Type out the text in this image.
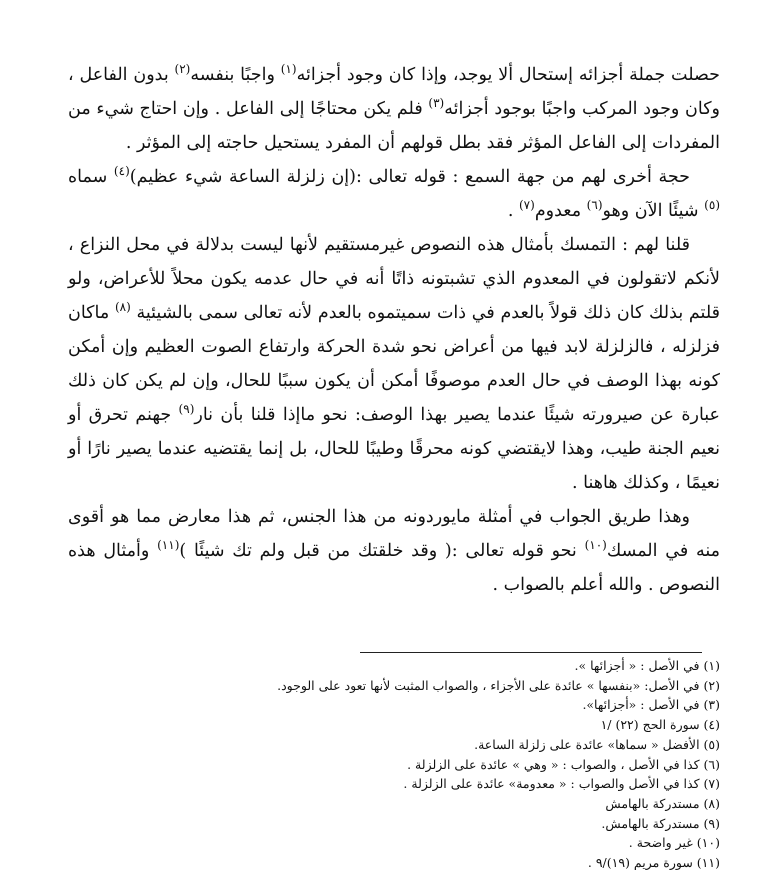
حصلت جملة أجزائه إستحال ألا يوجد، وإذا كان وجود أجزائه$^{(١)}$ واجبًا بنفسه$^{(٢)}$ بدون الفاعل ، وكان وجود المركب واجبًا بوجود أجزائه$^{(٣)}$ فلم يكن محتاجًا إلى الفاعل . وإن احتاج شيء من المفردات إلى الفاعل المؤثر فقد بطل قولهم أن المفرد يستحيل حاجته إلى المؤثر .

حجة أخرى لهم من جهة السمع : قوله تعالى :(إن زلزلة الساعة شيء عظيم)$^{(٤)}$ سماه $^{(٥)}$ شيئًا الآن وهو$^{(٦)}$ معدوم$^{(٧)}$ .

قلنا لهم : التمسك بأمثال هذه النصوص غيرمستقيم لأنها ليست بدلالة في محل النزاع ، لأنكم لاتقولون في المعدوم الذي تشبتونه ذاتًا أنه في حال عدمه يكون محلاً للأعراض، ولو قلتم بذلك كان ذلك قولاً بالعدم في ذات سميتموه بالعدم لأنه تعالى سمى بالشيئية $^{(٨)}$ ماكان فزلزله ، فالزلزلة لابد فيها من أعراض نحو شدة الحركة وارتفاع الصوت العظيم وإن أمكن كونه بهذا الوصف في حال العدم موصوفًا أمكن أن يكون سببًا للحال، وإن لم يكن كان ذلك عبارة عن صيرورته شيئًا عندما يصير بهذا الوصف: نحو ماإذا قلنا بأن نار$^{(٩)}$ جهنم تحرق أو نعيم الجنة طيب، وهذا لايقتضي كونه محرقًا وطيبًا للحال، بل إنما يقتضيه عندما يصير نارًا أو نعيمًا ، وكذلك هاهنا .

وهذا طريق الجواب في أمثلة مايوردونه من هذا الجنس، ثم هذا معارض مما هو أقوى منه في المسك$^{(١٠)}$ نحو قوله تعالى :( وقد خلقتك من قبل ولم تك شيئًا )$^{(١١)}$ وأمثال هذه النصوص . والله أعلم بالصواب .

(١) في الأصل : « أجزائها ».
(٢) في الأصل: «بنفسها » عائدة على الأجزاء ، والصواب المثبت لأنها تعود على الوجود.
(٣) في الأصل : «أجزائها».
(٤) سورة الحج (٢٢) /١
(٥) الأفضل « سماها» عائدة على زلزلة الساعة.
(٦) كذا في الأصل ، والصواب : « وهي » عائدة على الزلزلة .
(٧) كذا في الأصل والصواب : « معدومة» عائدة على الزلزلة .
(٨) مستدركة بالهامش
(٩) مستدركة بالهامش.
(١٠) غير واضحة .
(١١) سورة مريم (١٩)/٩ .
